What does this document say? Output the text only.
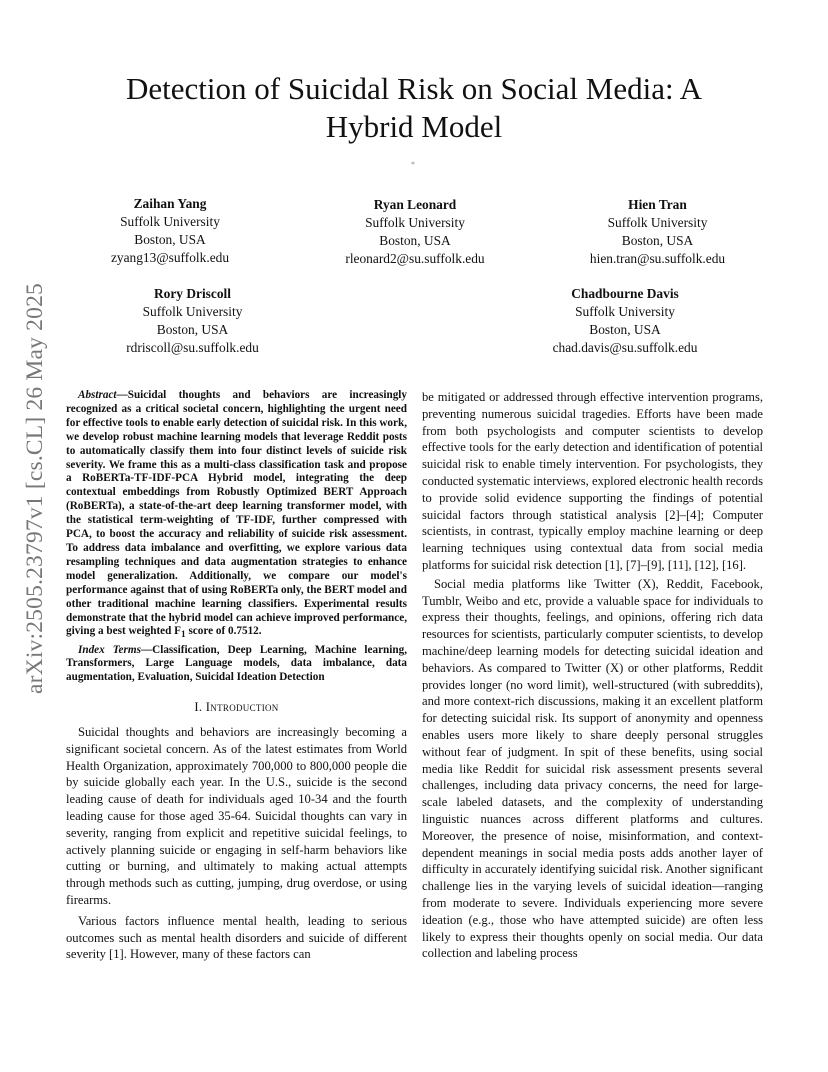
arXiv:2505.23797v1 [cs.CL] 26 May 2025
Detection of Suicidal Risk on Social Media: A Hybrid Model
*
Zaihan Yang
Suffolk University
Boston, USA
zyang13@suffolk.edu
Ryan Leonard
Suffolk University
Boston, USA
rleonard2@su.suffolk.edu
Hien Tran
Suffolk University
Boston, USA
hien.tran@su.suffolk.edu
Rory Driscoll
Suffolk University
Boston, USA
rdriscoll@su.suffolk.edu
Chadbourne Davis
Suffolk University
Boston, USA
chad.davis@su.suffolk.edu

Abstract—Suicidal thoughts and behaviors are increasingly recognized as a critical societal concern, highlighting the urgent need for effective tools to enable early detection of suicidal risk. In this work, we develop robust machine learning models that leverage Reddit posts to automatically classify them into four distinct levels of suicide risk severity. We frame this as a multi-class classification task and propose a RoBERTa-TF-IDF-PCA Hybrid model, integrating the deep contextual embeddings from Robustly Optimized BERT Approach (RoBERTa), a state-of-the-art deep learning transformer model, with the statistical term-weighting of TF-IDF, further compressed with PCA, to boost the accuracy and reliability of suicide risk assessment. To address data imbalance and overfitting, we explore various data resampling techniques and data augmentation strategies to enhance model generalization. Additionally, we compare our model's performance against that of using RoBERTa only, the BERT model and other traditional machine learning classifiers. Experimental results demonstrate that the hybrid model can achieve improved performance, giving a best weighted $F_1$ score of 0.7512.

Index Terms—Classification, Deep Learning, Machine learning, Transformers, Large Language models, data imbalance, data augmentation, Evaluation, Suicidal Ideation Detection

I. Introduction

Suicidal thoughts and behaviors are increasingly becoming a significant societal concern. As of the latest estimates from World Health Organization, approximately 700,000 to 800,000 people die by suicide globally each year. In the U.S., suicide is the second leading cause of death for individuals aged 10-34 and the fourth leading cause for those aged 35-64. Suicidal thoughts can vary in severity, ranging from explicit and repetitive suicidal feelings, to actively planning suicide or engaging in self-harm behaviors like cutting or burning, and ultimately to making actual attempts through methods such as cutting, jumping, drug overdose, or using firearms.

Various factors influence mental health, leading to serious outcomes such as mental health disorders and suicide of different severity [1]. However, many of these factors can

be mitigated or addressed through effective intervention programs, preventing numerous suicidal tragedies. Efforts have been made from both psychologists and computer scientists to develop effective tools for the early detection and identification of potential suicidal risk to enable timely intervention. For psychologists, they conducted systematic interviews, explored electronic health records to provide solid evidence supporting the findings of potential suicidal factors through statistical analysis [2]–[4]; Computer scientists, in contrast, typically employ machine learning or deep learning techniques using contextual data from social media platforms for suicidal risk detection [1], [7]–[9], [11], [12], [16].

Social media platforms like Twitter (X), Reddit, Facebook, Tumblr, Weibo and etc, provide a valuable space for individuals to express their thoughts, feelings, and opinions, offering rich data resources for scientists, particularly computer scientists, to develop machine/deep learning models for detecting suicidal ideation and behaviors. As compared to Twitter (X) or other platforms, Reddit provides longer (no word limit), well-structured (with subreddits), and more context-rich discussions, making it an excellent platform for detecting suicidal risk. Its support of anonymity and openness enables users more likely to share deeply personal struggles without fear of judgment. In spit of these benefits, using social media like Reddit for suicidal risk assessment presents several challenges, including data privacy concerns, the need for large-scale labeled datasets, and the complexity of understanding linguistic nuances across different platforms and cultures. Moreover, the presence of noise, misinformation, and context-dependent meanings in social media posts adds another layer of difficulty in accurately identifying suicidal risk. Another significant challenge lies in the varying levels of suicidal ideation—ranging from moderate to severe. Individuals experiencing more severe ideation (e.g., those who have attempted suicide) are often less likely to express their thoughts openly on social media. Our data collection and labeling process
